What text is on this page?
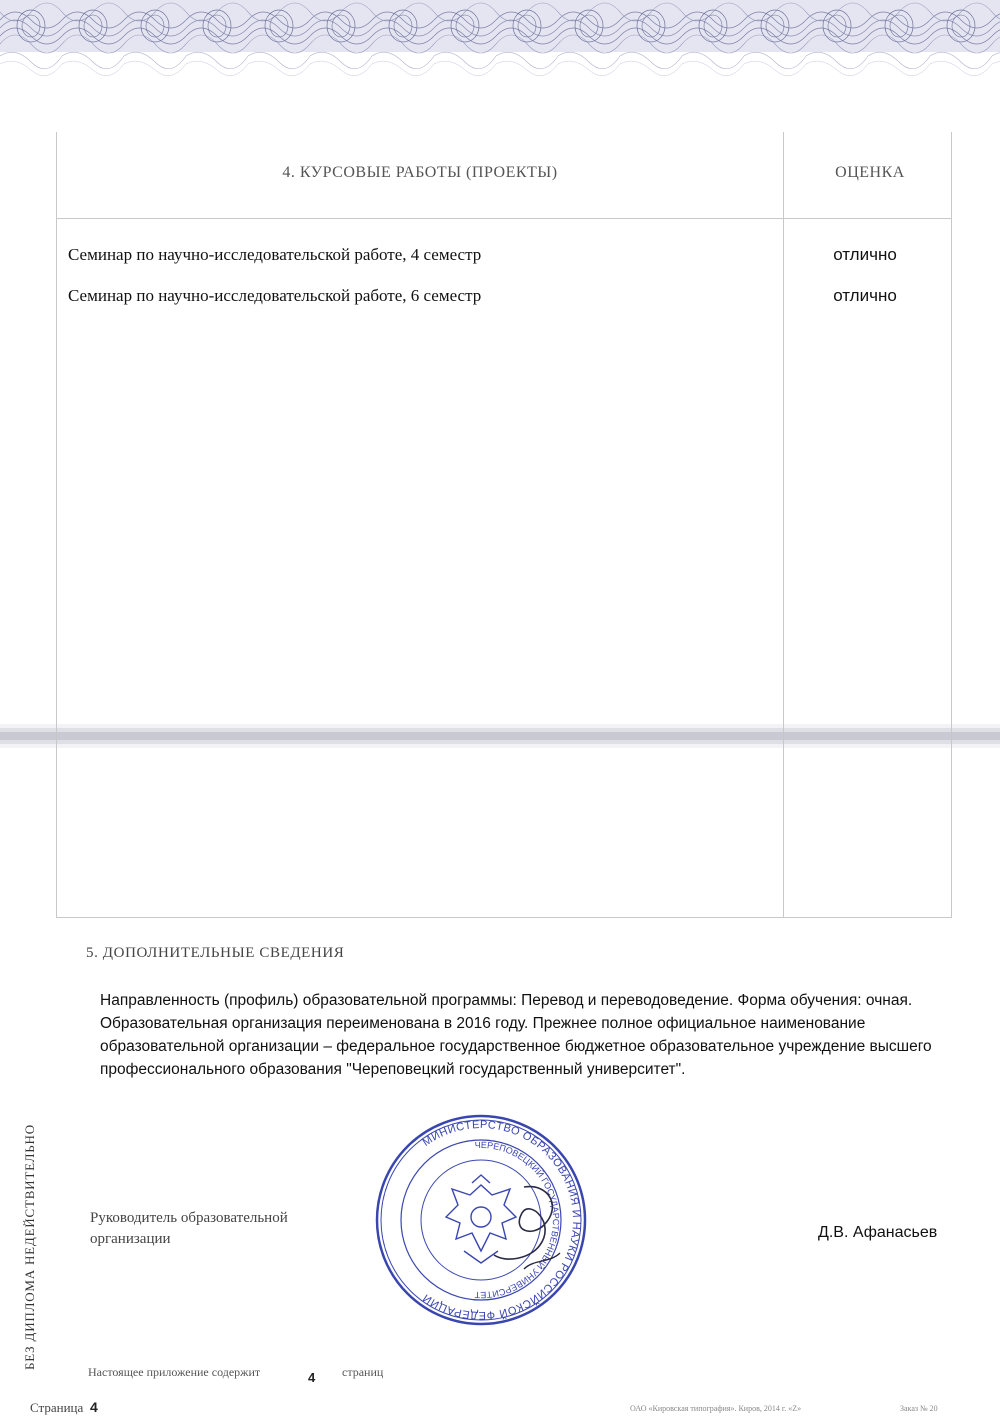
4. КУРСОВЫЕ РАБОТЫ (ПРОЕКТЫ)	ОЦЕНКА
Семинар по научно-исследовательской работе, 4 семестр	отлично
Семинар по научно-исследовательской работе, 6 семестр	отлично
5. ДОПОЛНИТЕЛЬНЫЕ СВЕДЕНИЯ

Направленность (профиль) образовательной программы: Перевод и переводоведение. Форма обучения: очная.

Образовательная организация переименована в 2016 году. Прежнее полное официальное наименование образовательной организации – федеральное государственное бюджетное образовательное учреждение высшего профессионального образования "Череповецкий государственный университет".

БЕЗ ДИПЛОМА НЕДЕЙСТВИТЕЛЬНО	Руководитель образовательной организации
МИНИСТЕРСТВО ОБРАЗОВАНИЯ И НАУКИ РОССИЙСКОЙ ФЕДЕРАЦИИ
ЧЕРЕПОВЕЦКИЙ ГОСУДАРСТВЕННЫЙ УНИВЕРСИТЕТ
Д.В. Афанасьев
Настоящее приложение содержит	4 страниц
Страница 4	ОАО «Кировская типография». Киров, 2014 г. «Z»	Заказ № 20
